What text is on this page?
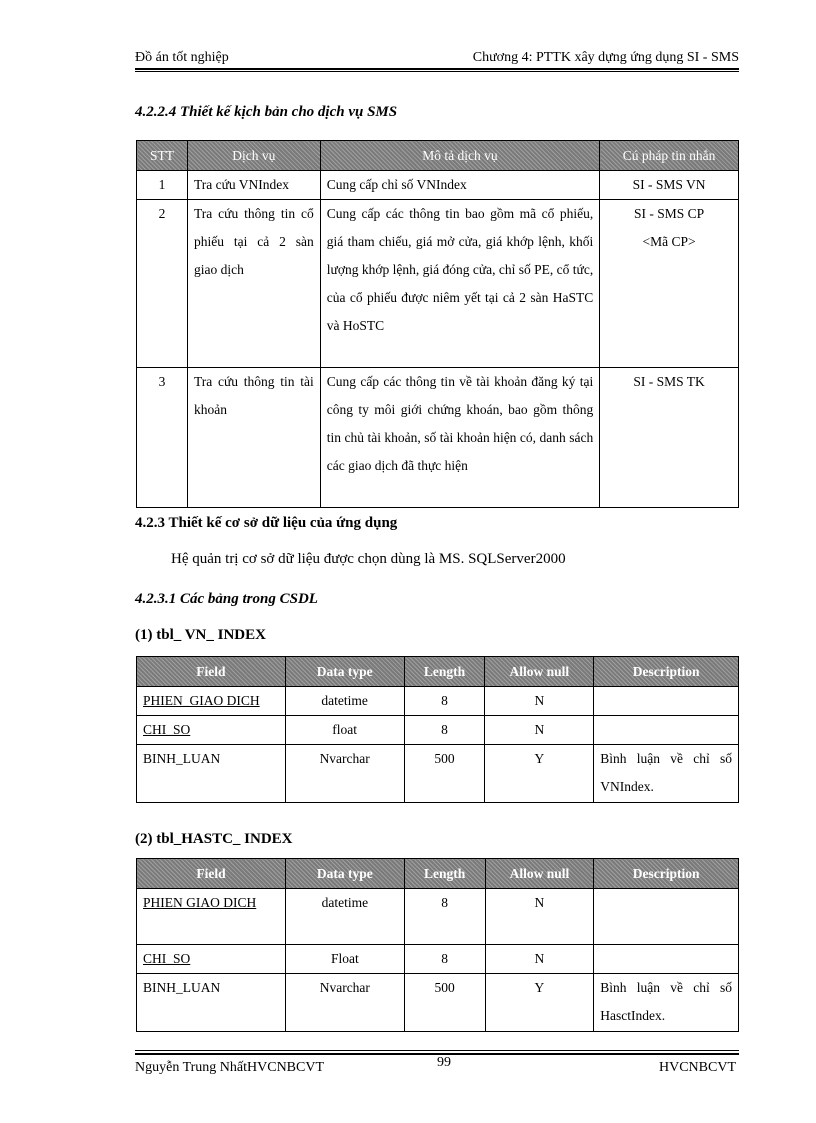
Đồ án tốt nghiệp	Chương 4: PTTK xây dựng ứng dụng SI - SMS
4.2.2.4 Thiết kế kịch bản cho dịch vụ SMS
STT	Dịch vụ	Mô tả dịch vụ	Cú pháp tin nhắn
1	Tra cứu VNIndex	Cung cấp chỉ số VNIndex	SI - SMS VN
2	Tra cứu thông tin cổ phiếu tại cả 2 sàn giao dịch	Cung cấp các thông tin bao gồm mã cổ phiếu, giá tham chiếu, giá mở cửa, giá khớp lệnh, khối lượng khớp lệnh, giá đóng cửa, chỉ số PE, cổ tức, của cổ phiếu được niêm yết tại cả 2 sàn HaSTC và HoSTC	SI - SMS CP
<Mã CP>

3	Tra cứu thông tin tài khoản	Cung cấp các thông tin về tài khoản đăng ký tại công ty môi giới chứng khoán, bao gồm thông tin chủ tài khoản, số tài khoản hiện có, danh sách các giao dịch đã thực hiện	SI - SMS TK
4.2.3 Thiết kế cơ sở dữ liệu của ứng dụng
Hệ quản trị cơ sở dữ liệu được chọn dùng là MS. SQLServer2000
4.2.3.1 Các bảng trong CSDL
(1) tbl_ VN_ INDEX
Field	Data type	Length	Allow null	Description
PHIEN_GIAO DICH	datetime	8	N	
CHI_SO	float	8	N	
BINH_LUAN	Nvarchar	500	Y	Bình luận về chỉ số VNIndex.
(2) tbl_HASTC_ INDEX
Field	Data type	Length	Allow null	Description

PHIEN GIAO DICH	datetime	8	N	
CHI_SO	Float	8	N	
BINH_LUAN	Nvarchar	500	Y	Bình luận về chỉ số HasctIndex.
Nguyễn Trung NhấtHVCNBCVT	99	HVCNBCVT
